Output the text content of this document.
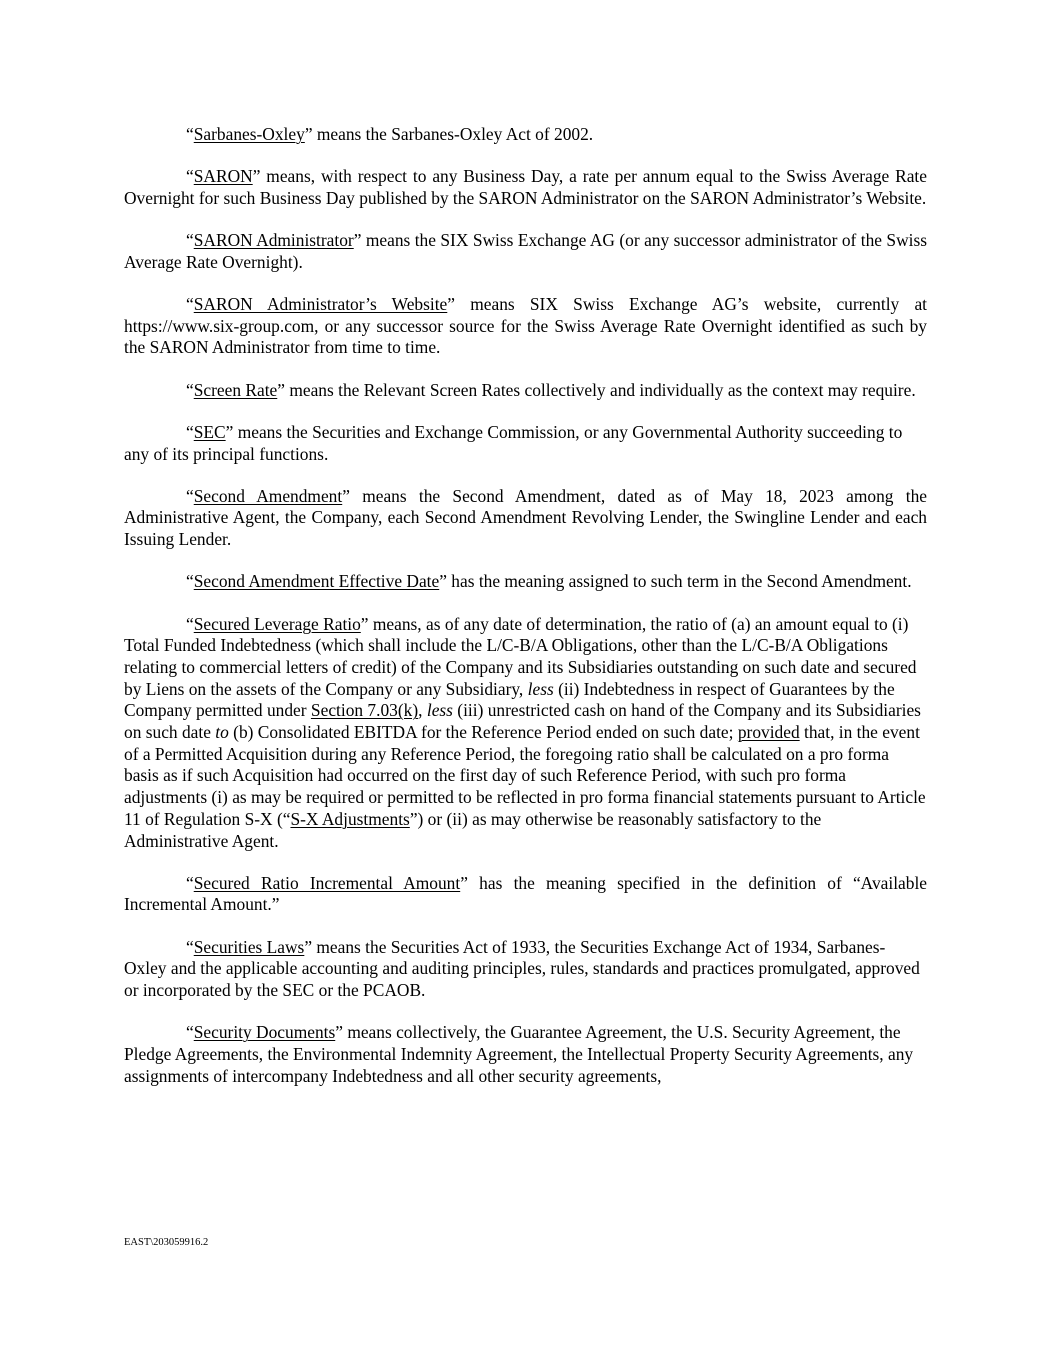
“Sarbanes-Oxley” means the Sarbanes-Oxley Act of 2002.

“SARON” means, with respect to any Business Day, a rate per annum equal to the Swiss Average Rate Overnight for such Business Day published by the SARON Administrator on the SARON Administrator’s Website.

“SARON Administrator” means the SIX Swiss Exchange AG (or any successor administrator of the Swiss Average Rate Overnight).

“SARON Administrator’s Website” means SIX Swiss Exchange AG’s website, currently at https://www.six-group.com, or any successor source for the Swiss Average Rate Overnight identified as such by the SARON Administrator from time to time.

“Screen Rate” means the Relevant Screen Rates collectively and individually as the context may require.

“SEC” means the Securities and Exchange Commission, or any Governmental Authority succeeding to any of its principal functions.

“Second Amendment” means the Second Amendment, dated as of May 18, 2023 among the Administrative Agent, the Company, each Second Amendment Revolving Lender, the Swingline Lender and each Issuing Lender.

“Second Amendment Effective Date” has the meaning assigned to such term in the Second Amendment.

“Secured Leverage Ratio” means, as of any date of determination, the ratio of (a) an amount equal to (i) Total Funded Indebtedness (which shall include the L/C-B/A Obligations, other than the L/C-B/A Obligations relating to commercial letters of credit) of the Company and its Subsidiaries outstanding on such date and secured by Liens on the assets of the Company or any Subsidiary, less (ii) Indebtedness in respect of Guarantees by the Company permitted under Section 7.03(k), less (iii) unrestricted cash on hand of the Company and its Subsidiaries on such date to (b) Consolidated EBITDA for the Reference Period ended on such date; provided that, in the event of a Permitted Acquisition during any Reference Period, the foregoing ratio shall be calculated on a pro forma basis as if such Acquisition had occurred on the first day of such Reference Period, with such pro forma adjustments (i) as may be required or permitted to be reflected in pro forma financial statements pursuant to Article 11 of Regulation S-X (“S-X Adjustments”) or (ii) as may otherwise be reasonably satisfactory to the Administrative Agent.

“Secured Ratio Incremental Amount” has the meaning specified in the definition of “Available Incremental Amount.”

“Securities Laws” means the Securities Act of 1933, the Securities Exchange Act of 1934, Sarbanes-Oxley and the applicable accounting and auditing principles, rules, standards and practices promulgated, approved or incorporated by the SEC or the PCAOB.

“Security Documents” means collectively, the Guarantee Agreement, the U.S. Security Agreement, the Pledge Agreements, the Environmental Indemnity Agreement, the Intellectual Property Security Agreements, any assignments of intercompany Indebtedness and all other security agreements,

EAST\203059916.2
